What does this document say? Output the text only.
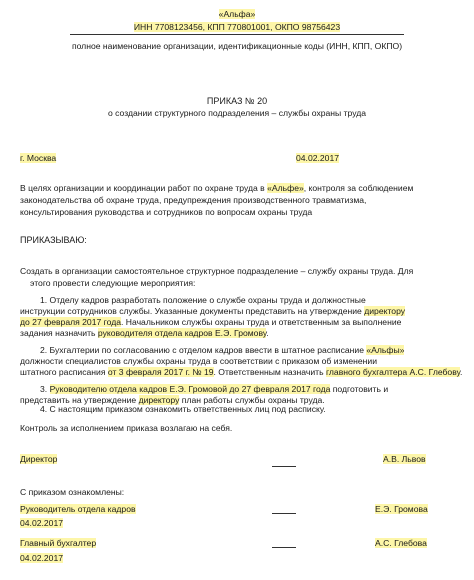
«Альфа»
ИНН 7708123456, КПП 770801001, ОКПО 98756423
полное наименование организации, идентификационные коды (ИНН, КПП, ОКПО)
ПРИКАЗ № 20
о создании структурного подразделения – службы охраны труда
г. Москва	04.02.2017
В целях организации и координации работ по охране труда в «Альфе», контроля за соблюдением
законодательства об охране труда, предупреждения производственного травматизма,
консультирования руководства и сотрудников по вопросам охраны труда
ПРИКАЗЫВАЮ:
Создать в организации самостоятельное структурное подразделение – службу охраны труда. Для
этого провести следующие мероприятия:
1. Отделу кадров разработать положение о службе охраны труда и должностные
инструкции сотрудников службы. Указанные документы представить на утверждение директору
до 27 февраля 2017 года. Начальником службы охраны труда и ответственным за выполнение
задания назначить руководителя отдела кадров Е.Э. Громову.
2. Бухгалтерии по согласованию с отделом кадров ввести в штатное расписание «Альфы»
должности специалистов службы охраны труда в соответствии с приказом об изменении
штатного расписания от 3 февраля 2017 г. № 19. Ответственным назначить главного бухгалтера А.С. Глебову.
3. Руководителю отдела кадров Е.Э. Громовой до 27 февраля 2017 года подготовить и
представить на утверждение директору план работы службы охраны труда.
4. С настоящим приказом ознакомить ответственных лиц под расписку.
Контроль за исполнением приказа возлагаю на себя.
Директор	А.В. Львов
С приказом ознакомлены:
Руководитель отдела кадров	Е.Э. Громова
04.02.2017
Главный бухгалтер	А.С. Глебова
04.02.2017
